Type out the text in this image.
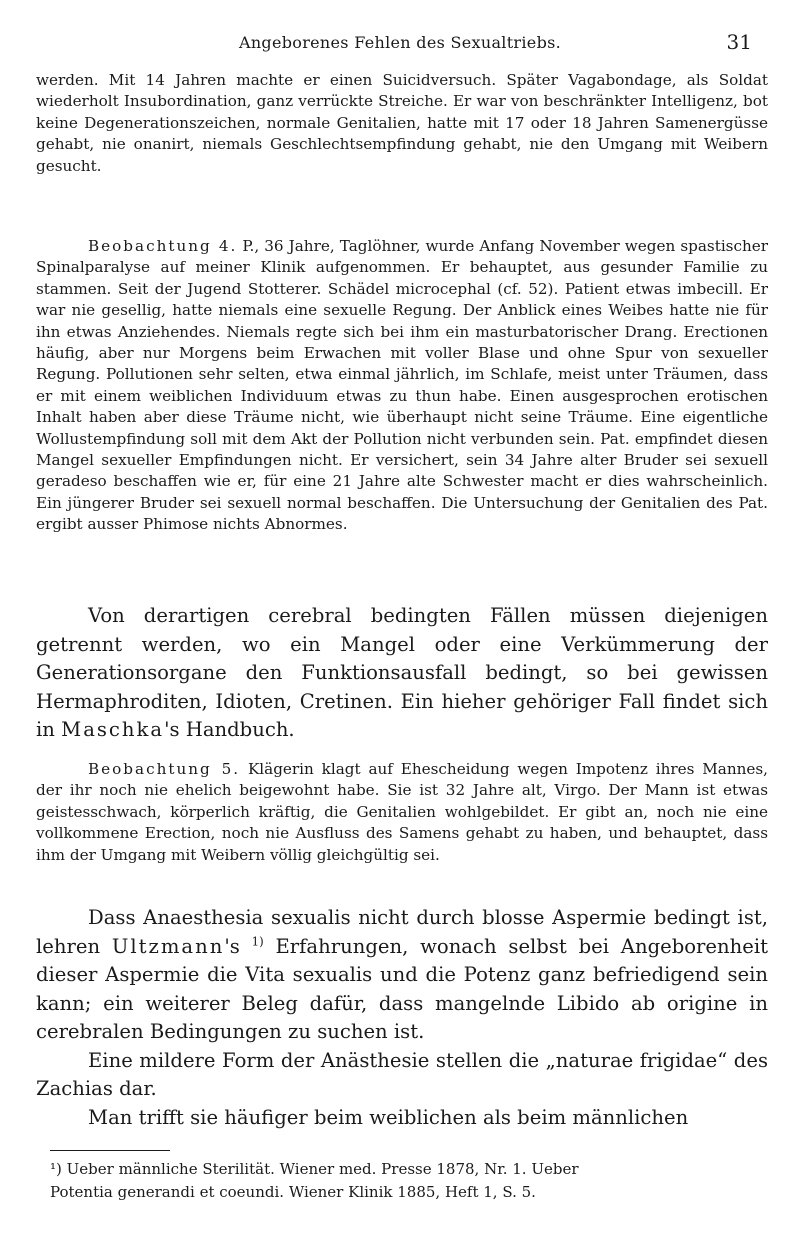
Angeborenes Fehlen des Sexualtriebs.	31

werden. Mit 14 Jahren machte er einen Suicidversuch. Später Vagabondage, als Soldat wiederholt Insubordination, ganz verrückte Streiche. Er war von beschränkter Intelligenz, bot keine Degenerationszeichen, normale Genitalien, hatte mit 17 oder 18 Jahren Samenergüsse gehabt, nie onanirt, niemals Geschlechtsempfindung gehabt, nie den Umgang mit Weibern gesucht.

Beobachtung 4. P., 36 Jahre, Taglöhner, wurde Anfang November wegen spastischer Spinalparalyse auf meiner Klinik aufgenommen. Er behauptet, aus gesunder Familie zu stammen. Seit der Jugend Stotterer. Schädel microcephal (cf. 52). Patient etwas imbecill. Er war nie gesellig, hatte niemals eine sexuelle Regung. Der Anblick eines Weibes hatte nie für ihn etwas Anziehendes. Niemals regte sich bei ihm ein masturbatorischer Drang. Erectionen häufig, aber nur Morgens beim Erwachen mit voller Blase und ohne Spur von sexueller Regung. Pollutionen sehr selten, etwa einmal jährlich, im Schlafe, meist unter Träumen, dass er mit einem weiblichen Individuum etwas zu thun habe. Einen ausgesprochen erotischen Inhalt haben aber diese Träume nicht, wie überhaupt nicht seine Träume. Eine eigentliche Wollustempfindung soll mit dem Akt der Pollution nicht verbunden sein. Pat. empfindet diesen Mangel sexueller Empfindungen nicht. Er versichert, sein 34 Jahre alter Bruder sei sexuell geradeso beschaffen wie er, für eine 21 Jahre alte Schwester macht er dies wahrscheinlich. Ein jüngerer Bruder sei sexuell normal beschaffen. Die Untersuchung der Genitalien des Pat. ergibt ausser Phimose nichts Abnormes.

Von derartigen cerebral bedingten Fällen müssen diejenigen getrennt werden, wo ein Mangel oder eine Verkümmerung der Generationsorgane den Funktionsausfall bedingt, so bei gewissen Hermaphroditen, Idioten, Cretinen. Ein hieher gehöriger Fall findet sich in Maschka's Handbuch.

Beobachtung 5. Klägerin klagt auf Ehescheidung wegen Impotenz ihres Mannes, der ihr noch nie ehelich beigewohnt habe. Sie ist 32 Jahre alt, Virgo. Der Mann ist etwas geistesschwach, körperlich kräftig, die Genitalien wohlgebildet. Er gibt an, noch nie eine vollkommene Erection, noch nie Ausfluss des Samens gehabt zu haben, und behauptet, dass ihm der Umgang mit Weibern völlig gleichgültig sei.

Dass Anaesthesia sexualis nicht durch blosse Aspermie bedingt ist, lehren Ultzmann's $^{1)}$ Erfahrungen, wonach selbst bei Angeborenheit dieser Aspermie die Vita sexualis und die Potenz ganz befriedigend sein kann; ein weiterer Beleg dafür, dass mangelnde Libido ab origine in cerebralen Bedingungen zu suchen ist.

Eine mildere Form der Anästhesie stellen die „naturae frigidae“ des Zachias dar.

Man trifft sie häufiger beim weiblichen als beim männlichen

¹) Ueber männliche Sterilität. Wiener med. Presse 1878, Nr. 1. Ueber
Potentia generandi et coeundi. Wiener Klinik 1885, Heft 1, S. 5.
